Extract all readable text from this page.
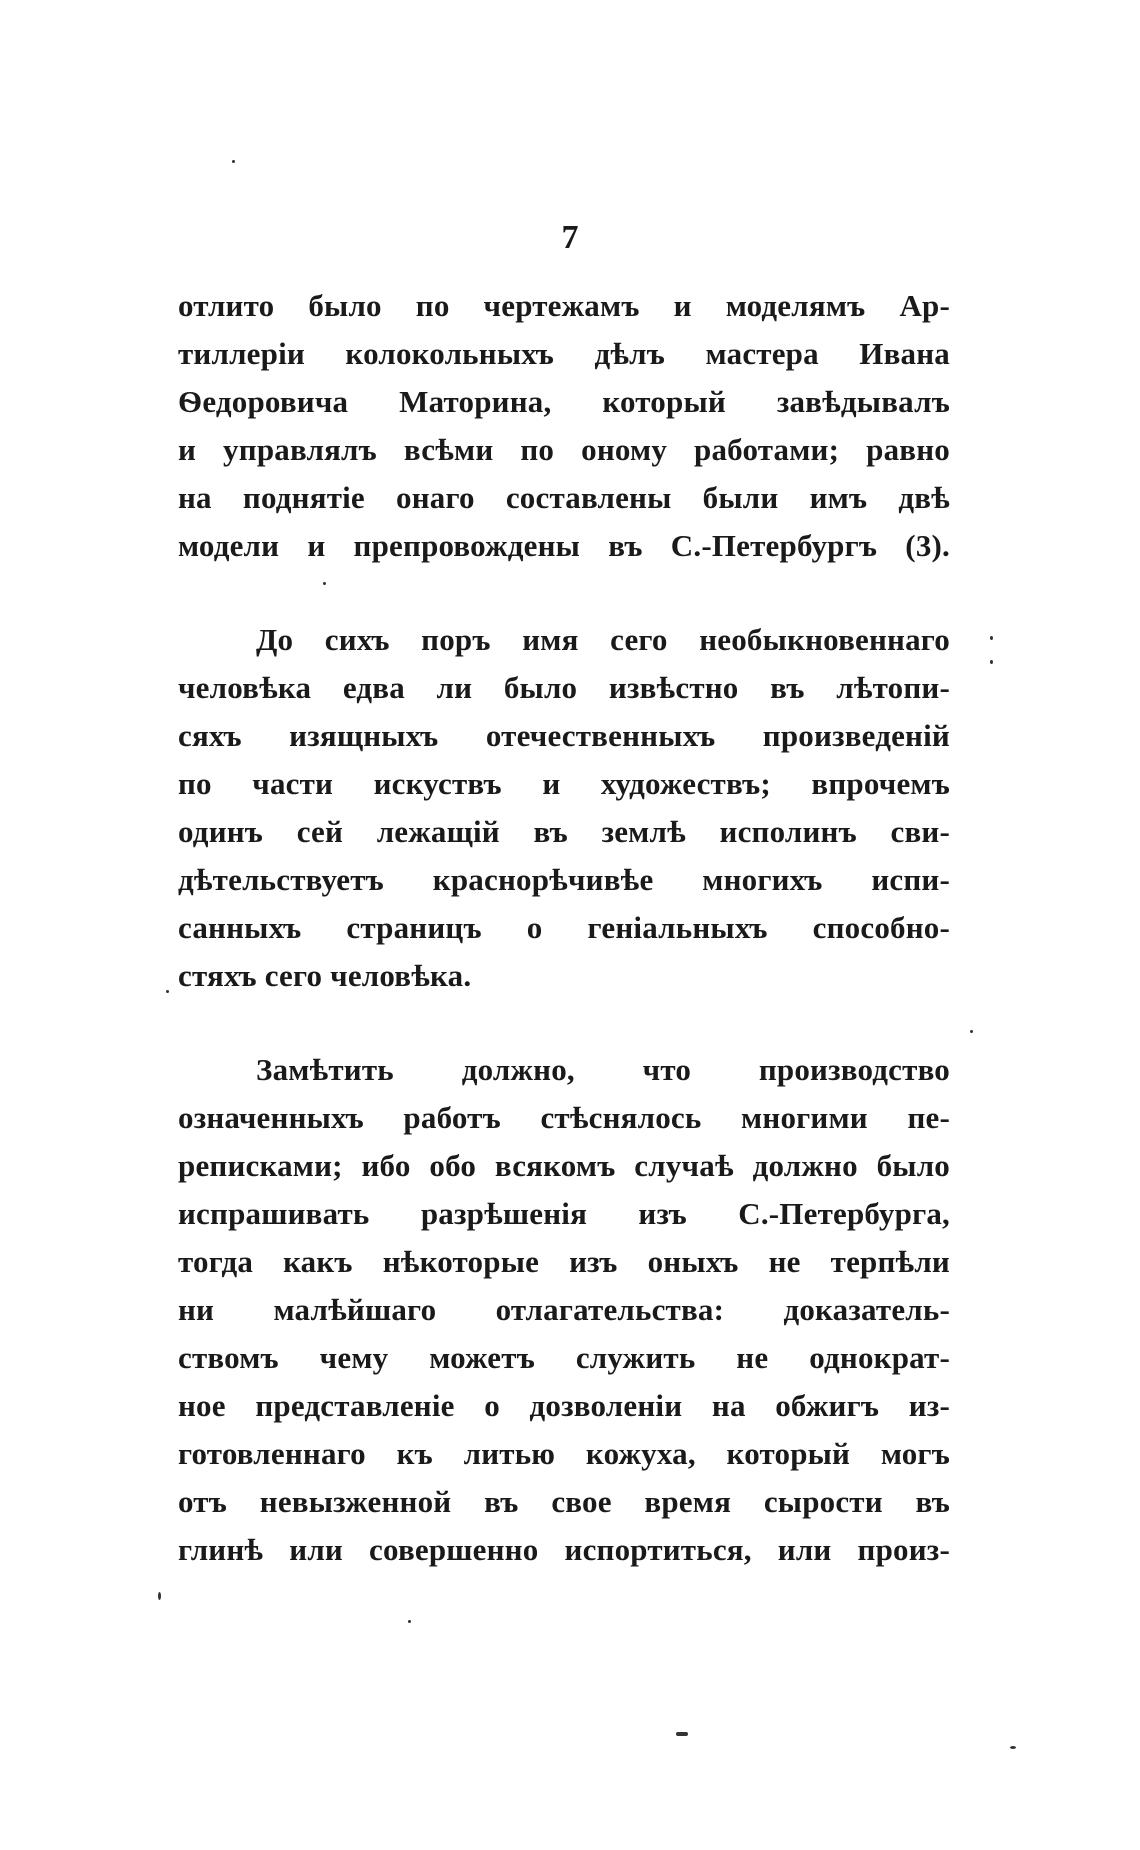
7
отлито было по чертежамъ и моделямъ Ар-
тиллеріи колокольныхъ дѣлъ мастера Ивана
Ѳедоровича Маторина, который завѣдывалъ
и управлялъ всѣми по оному работами; равно
на поднятіе онаго составлены были имъ двѣ
модели и препровождены въ С.-Петербургъ (3).
До сихъ поръ имя сего необыкновеннаго
человѣка едва ли было извѣстно въ лѣтопи-
сяхъ изящныхъ отечественныхъ произведеній
по части искуствъ и художествъ; впрочемъ
одинъ сей лежащій въ землѣ исполинъ сви-
дѣтельствуетъ краснорѣчивѣе многихъ испи-
санныхъ страницъ о геніальныхъ способно-
стяхъ сего человѣка.
Замѣтить должно, что производство
означенныхъ работъ стѣснялось многими пе-
реписками; ибо обо всякомъ случаѣ должно было
испрашивать разрѣшенія изъ С.-Петербурга,
тогда какъ нѣкоторые изъ оныхъ не терпѣли
ни малѣйшаго отлагательства: доказатель-
ствомъ чему можетъ служить не однократ-
ное представленіе о дозволеніи на обжигъ из-
готовленнаго къ литью кожуха, который могъ
отъ невызженной въ свое время сырости въ
глинѣ или совершенно испортиться, или произ-
